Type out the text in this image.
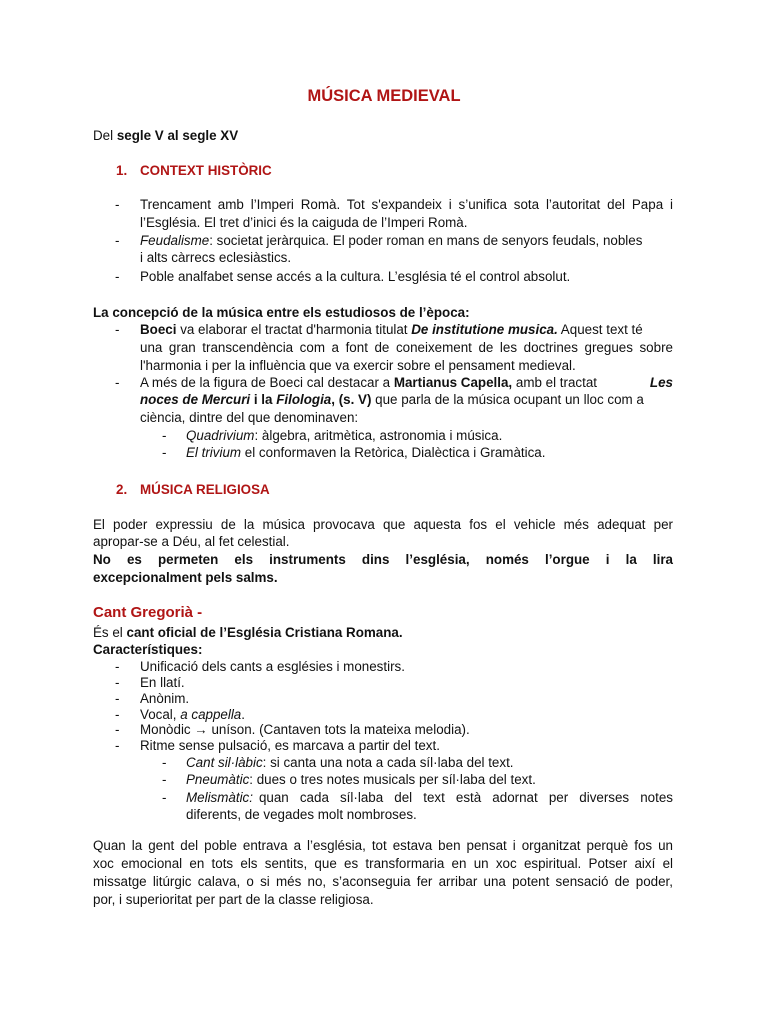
MÚSICA MEDIEVAL
Del segle V al segle XV
1. CONTEXT HISTÒRIC
- Trencament amb l’Imperi Romà. Tot s'expandeix i s’unifica sota l’autoritat del Papa i
l’Església. El tret d’inici és la caiguda de l’Imperi Romà.
- Feudalisme : societat jeràrquica. El poder roman en mans de senyors feudals, nobles
i alts càrrecs eclesiàstics.
- Poble analfabet sense accés a la cultura. L’església té el control absolut.
La concepció de la música entre els estudiosos de l’època:
- Boeci va elaborar el tractat d'harmonia titulat De institutione musica. Aquest text té
una gran transcendència com a font de coneixement de les doctrines gregues sobre
l'harmonia i per la influència que va exercir sobre el pensament medieval.
- A més de la figura de Boeci cal destacar a Martianus Capella, amb el tractat	Les
noces de Mercuri i la Filologia, (s. V) que parla de la música ocupant un lloc com a
ciència, dintre del que denominaven:
- Quadrivium: àlgebra, aritmètica, astronomia i música.
- El trivium el conformaven la Retòrica, Dialèctica i Gramàtica.
2. MÚSICA RELIGIOSA
El poder expressiu de la música provocava que aquesta fos el vehicle més adequat per
apropar-se a Déu, al fet celestial.
No es permeten els instruments dins l’església, només l’orgue i la lira
excepcionalment pels salms.
Cant Gregorià -
És el cant oficial de l’Església Cristiana Romana.
Característiques:
- Unificació dels cants a esglésies i monestirs.
- En llatí.
- Anònim.
- Vocal, a cappella.
- Monòdic → uníson. (Cantaven tots la mateixa melodia).
- Ritme sense pulsació, es marcava a partir del text.
- Cant sil·làbic: si canta una nota a cada síl·laba del text.
- Pneumàtic: dues o tres notes musicals per síl·laba del text.
- Melismàtic: quan cada síl·laba del text està adornat per diverses notes
diferents, de vegades molt nombroses.
Quan la gent del poble entrava a l’església, tot estava ben pensat i organitzat perquè fos un
xoc emocional en tots els sentits, que es transformaria en un xoc espiritual. Potser així el
missatge litúrgic calava, o si més no, s’aconseguia fer arribar una potent sensació de poder,
por, i superioritat per part de la classe religiosa.
